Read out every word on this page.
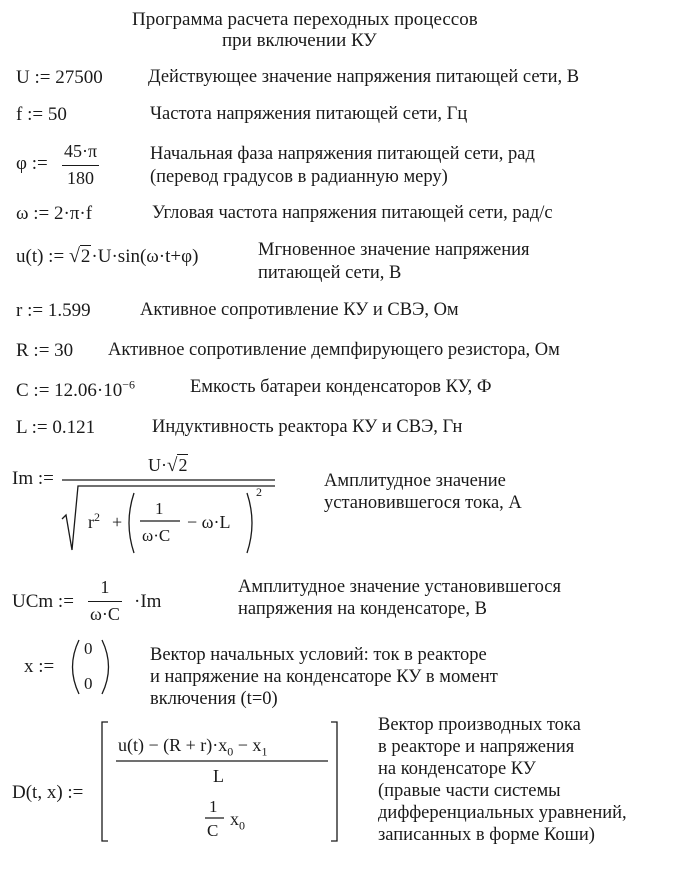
Программа расчета переходных процессов
при включении КУ
U := 27500 Действующее значение напряжения питающей сети, В
f := 50	Частота напряжения питающей сети, Гц
φ :=
45·π
180
Начальная фаза напряжения питающей сети, рад
(перевод градусов в радианную меру)
ω := 2·π·f	Угловая частота напряжения питающей сети, рад/с
u(t) := √2·U·sin(ω·t+φ)	Мгновенное значение напряжения
питающей сети, В
r := 1.599	Активное сопротивление КУ и СВЭ, Ом
R := 30 Активное сопротивление демпфирующего резистора, Ом
C := $12.06\cdot 10^{-6}$	Емкость батареи конденсаторов КУ, Ф
L := 0.121	Индуктивность реактора КУ и СВЭ, Гн
Im :=
U·√2
$r^2$ +
1
ω·C
− ω·L
2
Амплитудное значение
установившегося тока, А
UCm :=
1
ω·C
·Im
Амплитудное значение установившегося
напряжения на конденсаторе, В
x :=
0
0
Вектор начальных условий: ток в реакторе
и напряжение на конденсаторе КУ в момент
включения (t=0)
D(t, x) :=
$u(t) - (R + r)\cdot x_0 - x_1$
L
1
C
$x_0$
Вектор производных тока
в реакторе и напряжения
на конденсаторе КУ
(правые части системы
дифференциальных уравнений,
записанных в форме Коши)
